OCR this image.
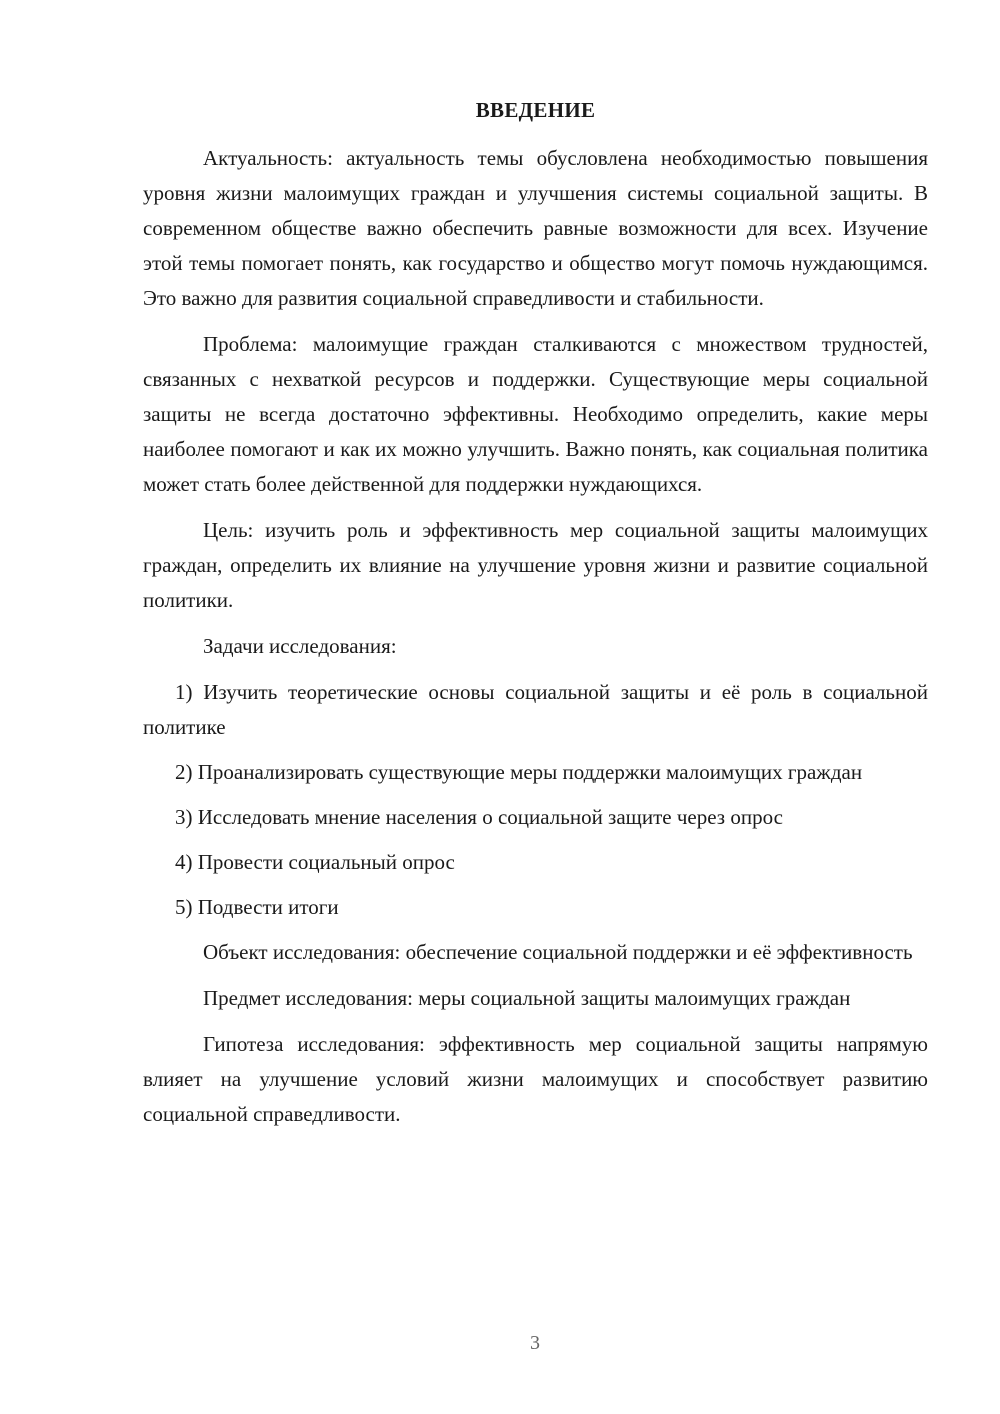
ВВЕДЕНИЕ

Актуальность: актуальность темы обусловлена необходимостью повышения уровня жизни малоимущих граждан и улучшения системы социальной защиты. В современном обществе важно обеспечить равные возможности для всех. Изучение этой темы помогает понять, как государство и общество могут помочь нуждающимся. Это важно для развития социальной справедливости и стабильности.

Проблема: малоимущие граждан сталкиваются с множеством трудностей, связанных с нехваткой ресурсов и поддержки. Существующие меры социальной защиты не всегда достаточно эффективны. Необходимо определить, какие меры наиболее помогают и как их можно улучшить. Важно понять, как социальная политика может стать более действенной для поддержки нуждающихся.

Цель: изучить роль и эффективность мер социальной защиты малоимущих граждан, определить их влияние на улучшение уровня жизни и развитие социальной политики.

Задачи исследования:

1) Изучить теоретические основы социальной защиты и её роль в социальной политике

2) Проанализировать существующие меры поддержки малоимущих граждан

3) Исследовать мнение населения о социальной защите через опрос

4) Провести социальный опрос

5) Подвести итоги

Объект исследования: обеспечение социальной поддержки и её эффективность

Предмет исследования: меры социальной защиты малоимущих граждан

Гипотеза исследования: эффективность мер социальной защиты напрямую влияет на улучшение условий жизни малоимущих и способствует развитию социальной справедливости.

3
